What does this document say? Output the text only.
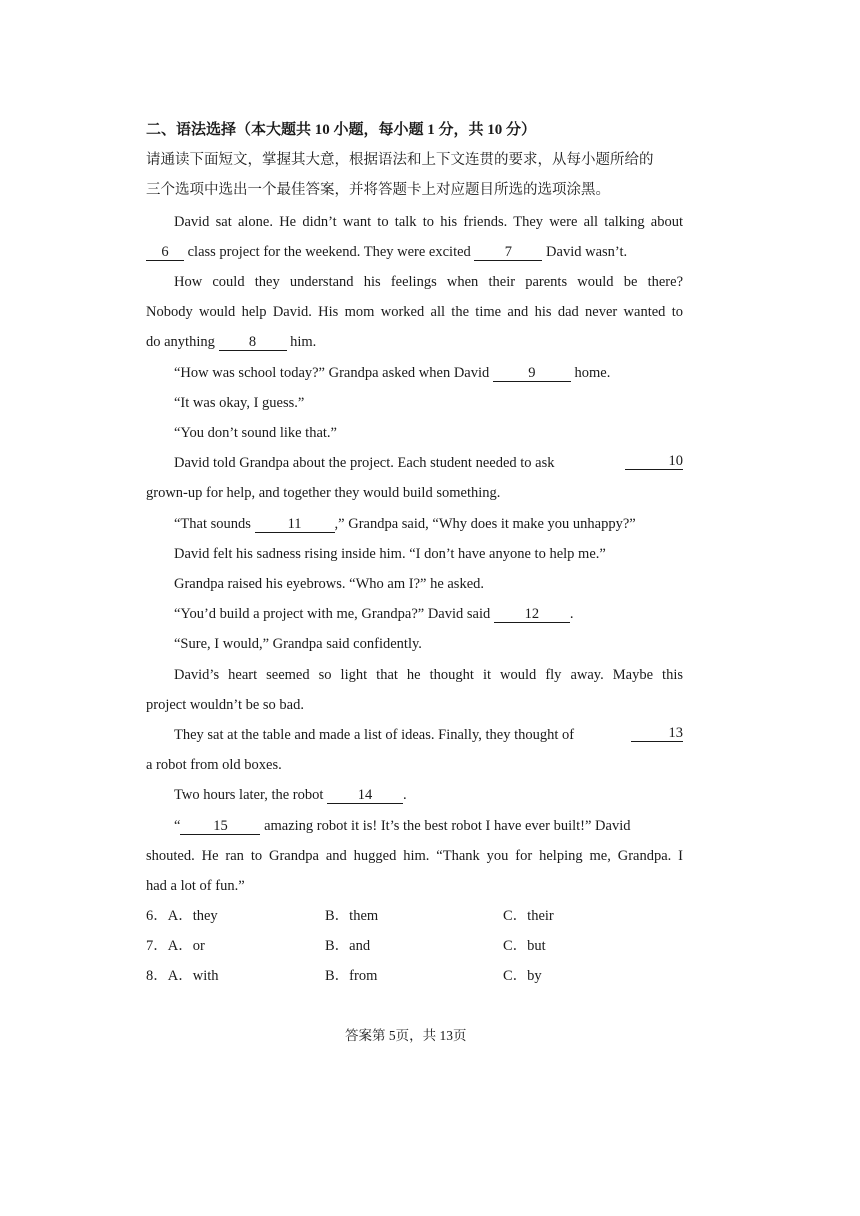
二、语法选择（本大题共 10 小题，每小题 1 分，共 10 分）
请通读下面短文，掌握其大意，根据语法和上下文连贯的要求，从每小题所给的
三个选项中选出一个最佳答案，并将答题卡上对应题目所选的选项涂黑。
David sat alone. He didn’t want to talk to his friends. They were all talking about
6 class project for the weekend. They were excited 7 David wasn’t.
How could they understand his feelings when their parents would be there?
Nobody would help David. His mom worked all the time and his dad never wanted to
do anything 8 him.
“How was school today?” Grandpa asked when David 9 home.
“It was okay, I guess.”
“You don’t sound like that.”
David told Grandpa about the project. Each student needed to ask	10
grown-up for help, and together they would build something.
“That sounds 11 ,” Grandpa said, “Why does it make you unhappy?”
David felt his sadness rising inside him. “I don’t have anyone to help me.”
Grandpa raised his eyebrows. “Who am I?” he asked.
“You’d build a project with me, Grandpa?” David said 12 .
“Sure, I would,” Grandpa said confidently.
David’s heart seemed so light that he thought it would fly away. Maybe this
project wouldn’t be so bad.
They sat at the table and made a list of ideas. Finally, they thought of	13
a robot from old boxes.
Two hours later, the robot 14 .
“ 15 amazing robot it is! It’s the best robot I have ever built!” David
shouted. He ran to Grandpa and hugged him. “Thank you for helping me, Grandpa. I
had a lot of fun.”
6．A．they	B．them	C．their
7．A．or	B．and	C．but
8．A．with	B．from	C．by
答案第 5页，共 13页
